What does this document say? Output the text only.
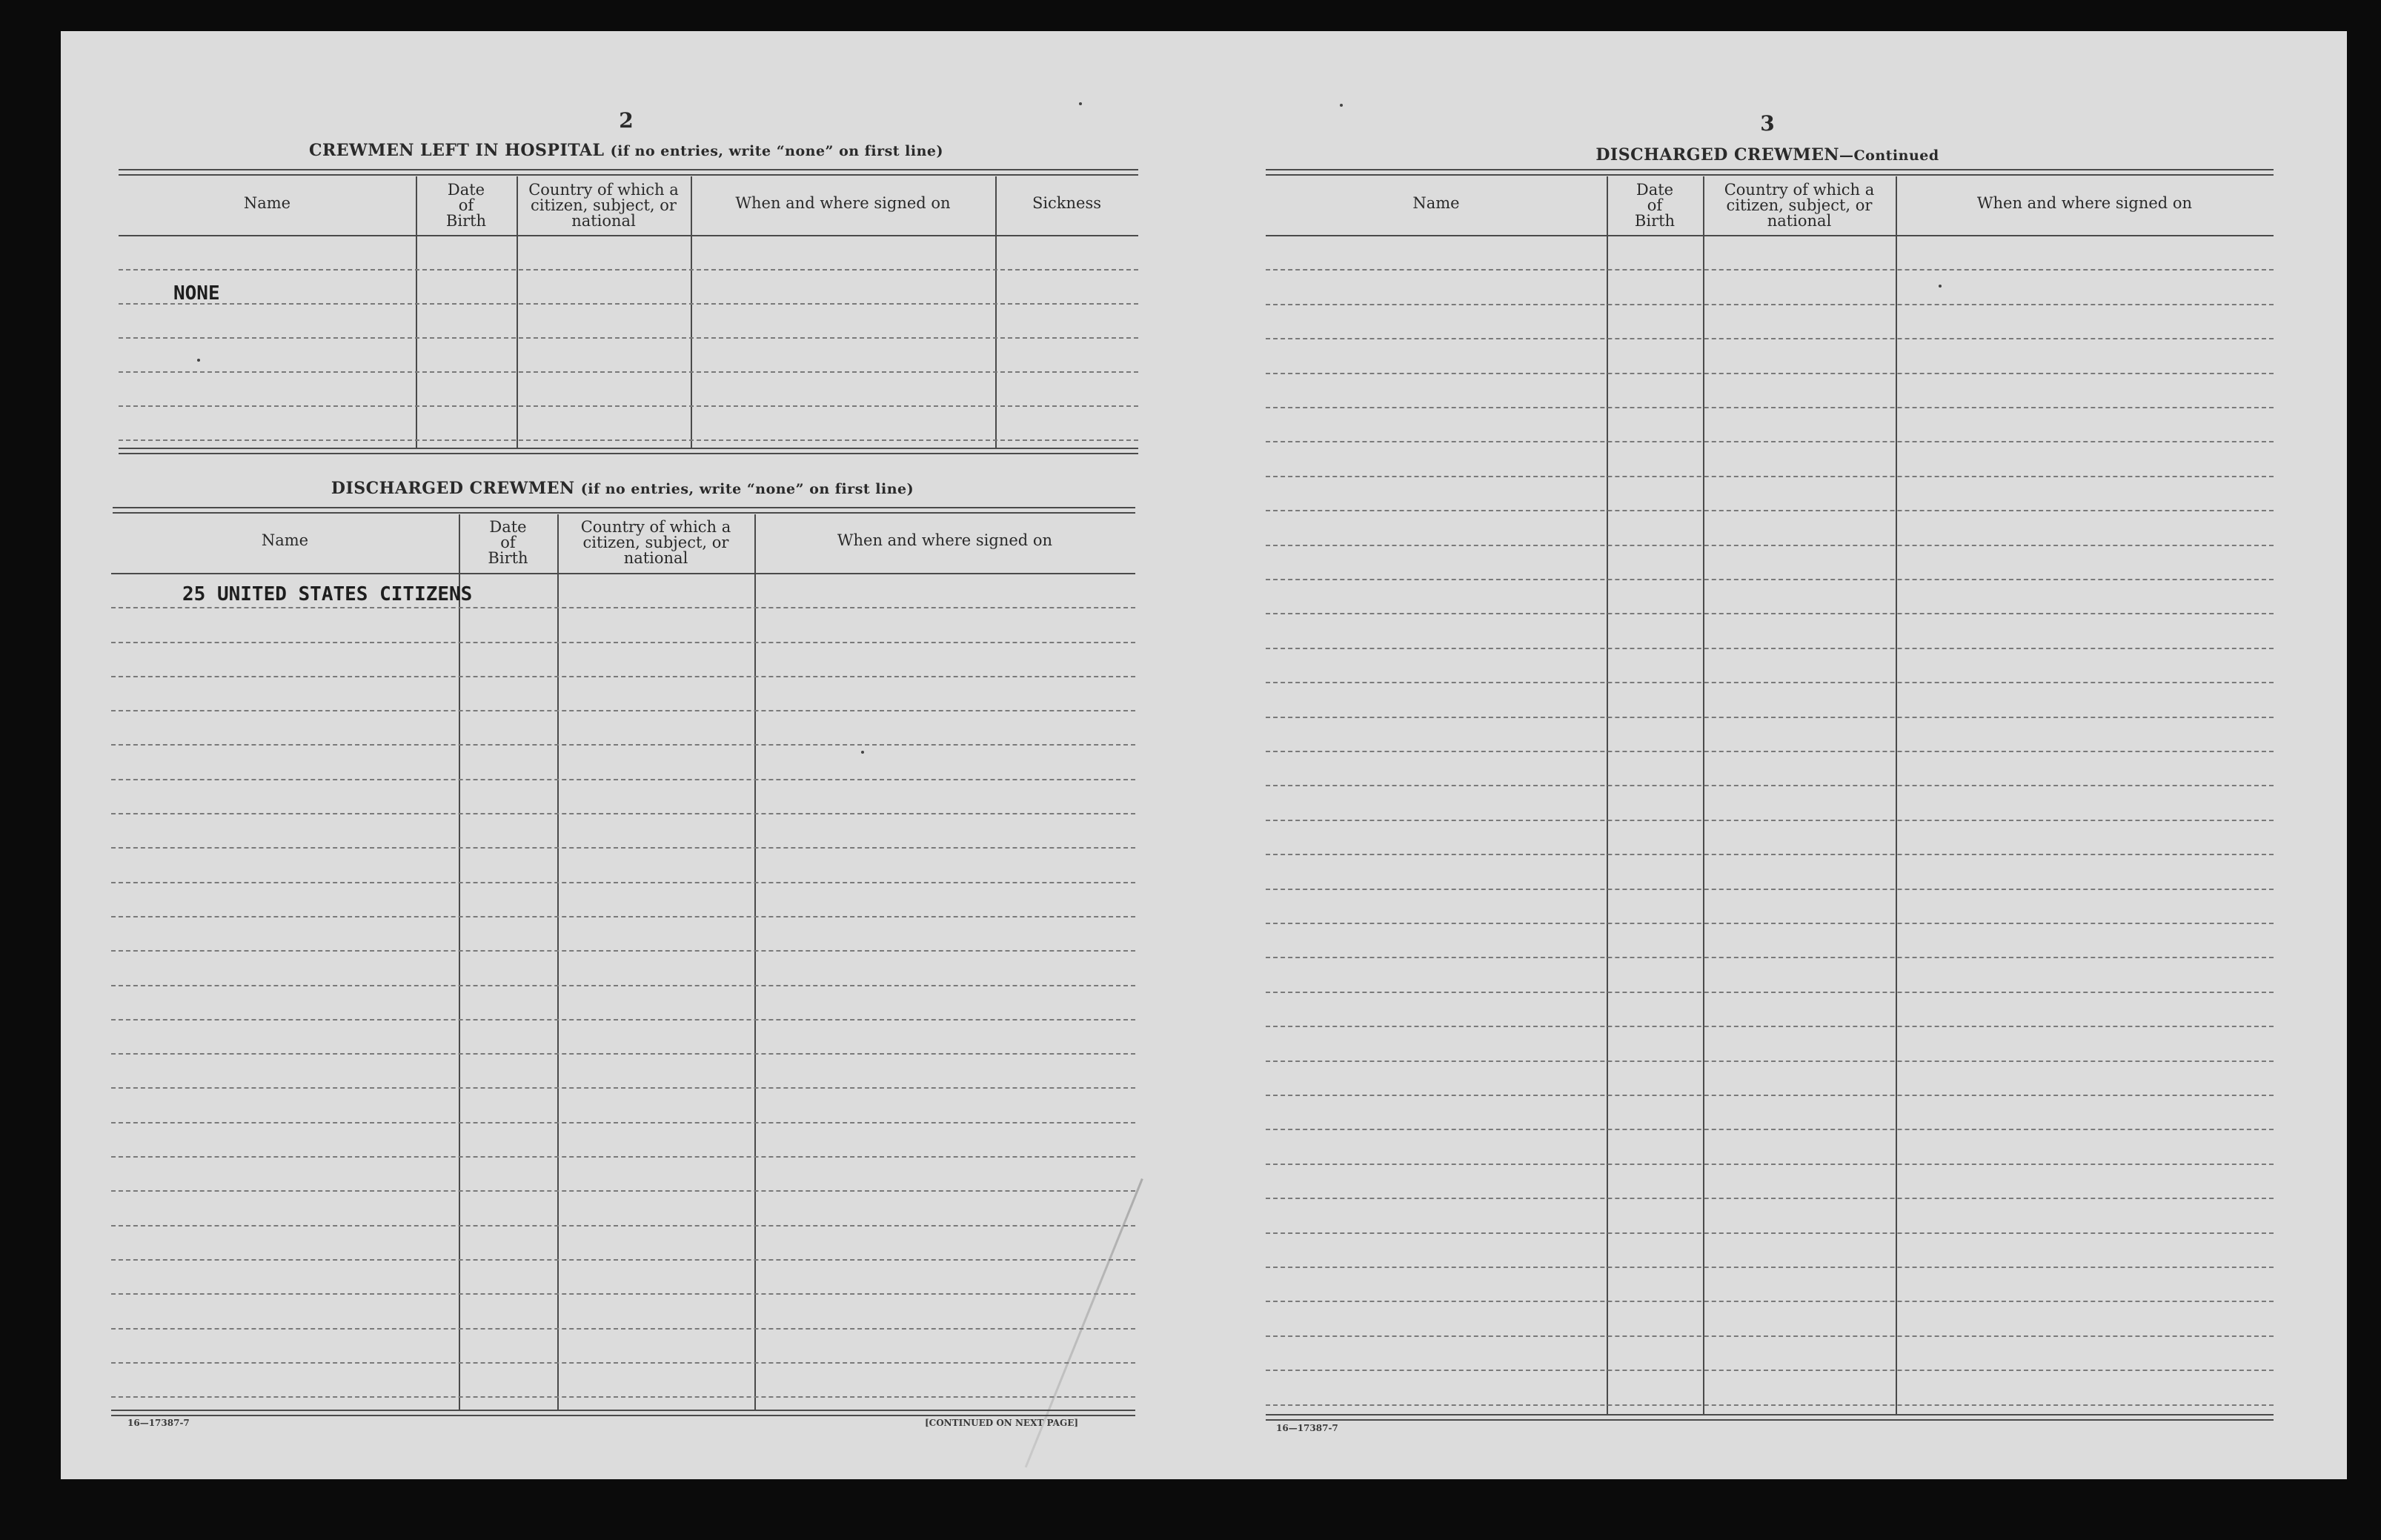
2
CREWMEN LEFT IN HOSPITAL (if no entries, write “none” on first line)
Name
Date
of
Birth
Country of which a
citizen, subject, or
national
When and where signed on	Sickness
DISCHARGED CREWMEN (if no entries, write “none” on first line)
Name
Date
of
Birth
Country of which a
citizen, subject, or
national
When and where signed on
NONE
25 UNITED STATES CITIZENS
16—17387-7	[CONTINUED ON NEXT PAGE]
3
DISCHARGED CREWMEN—Continued
Name
Date
of
Birth
Country of which a
citizen, subject, or
national
When and where signed on
16—17387-7
